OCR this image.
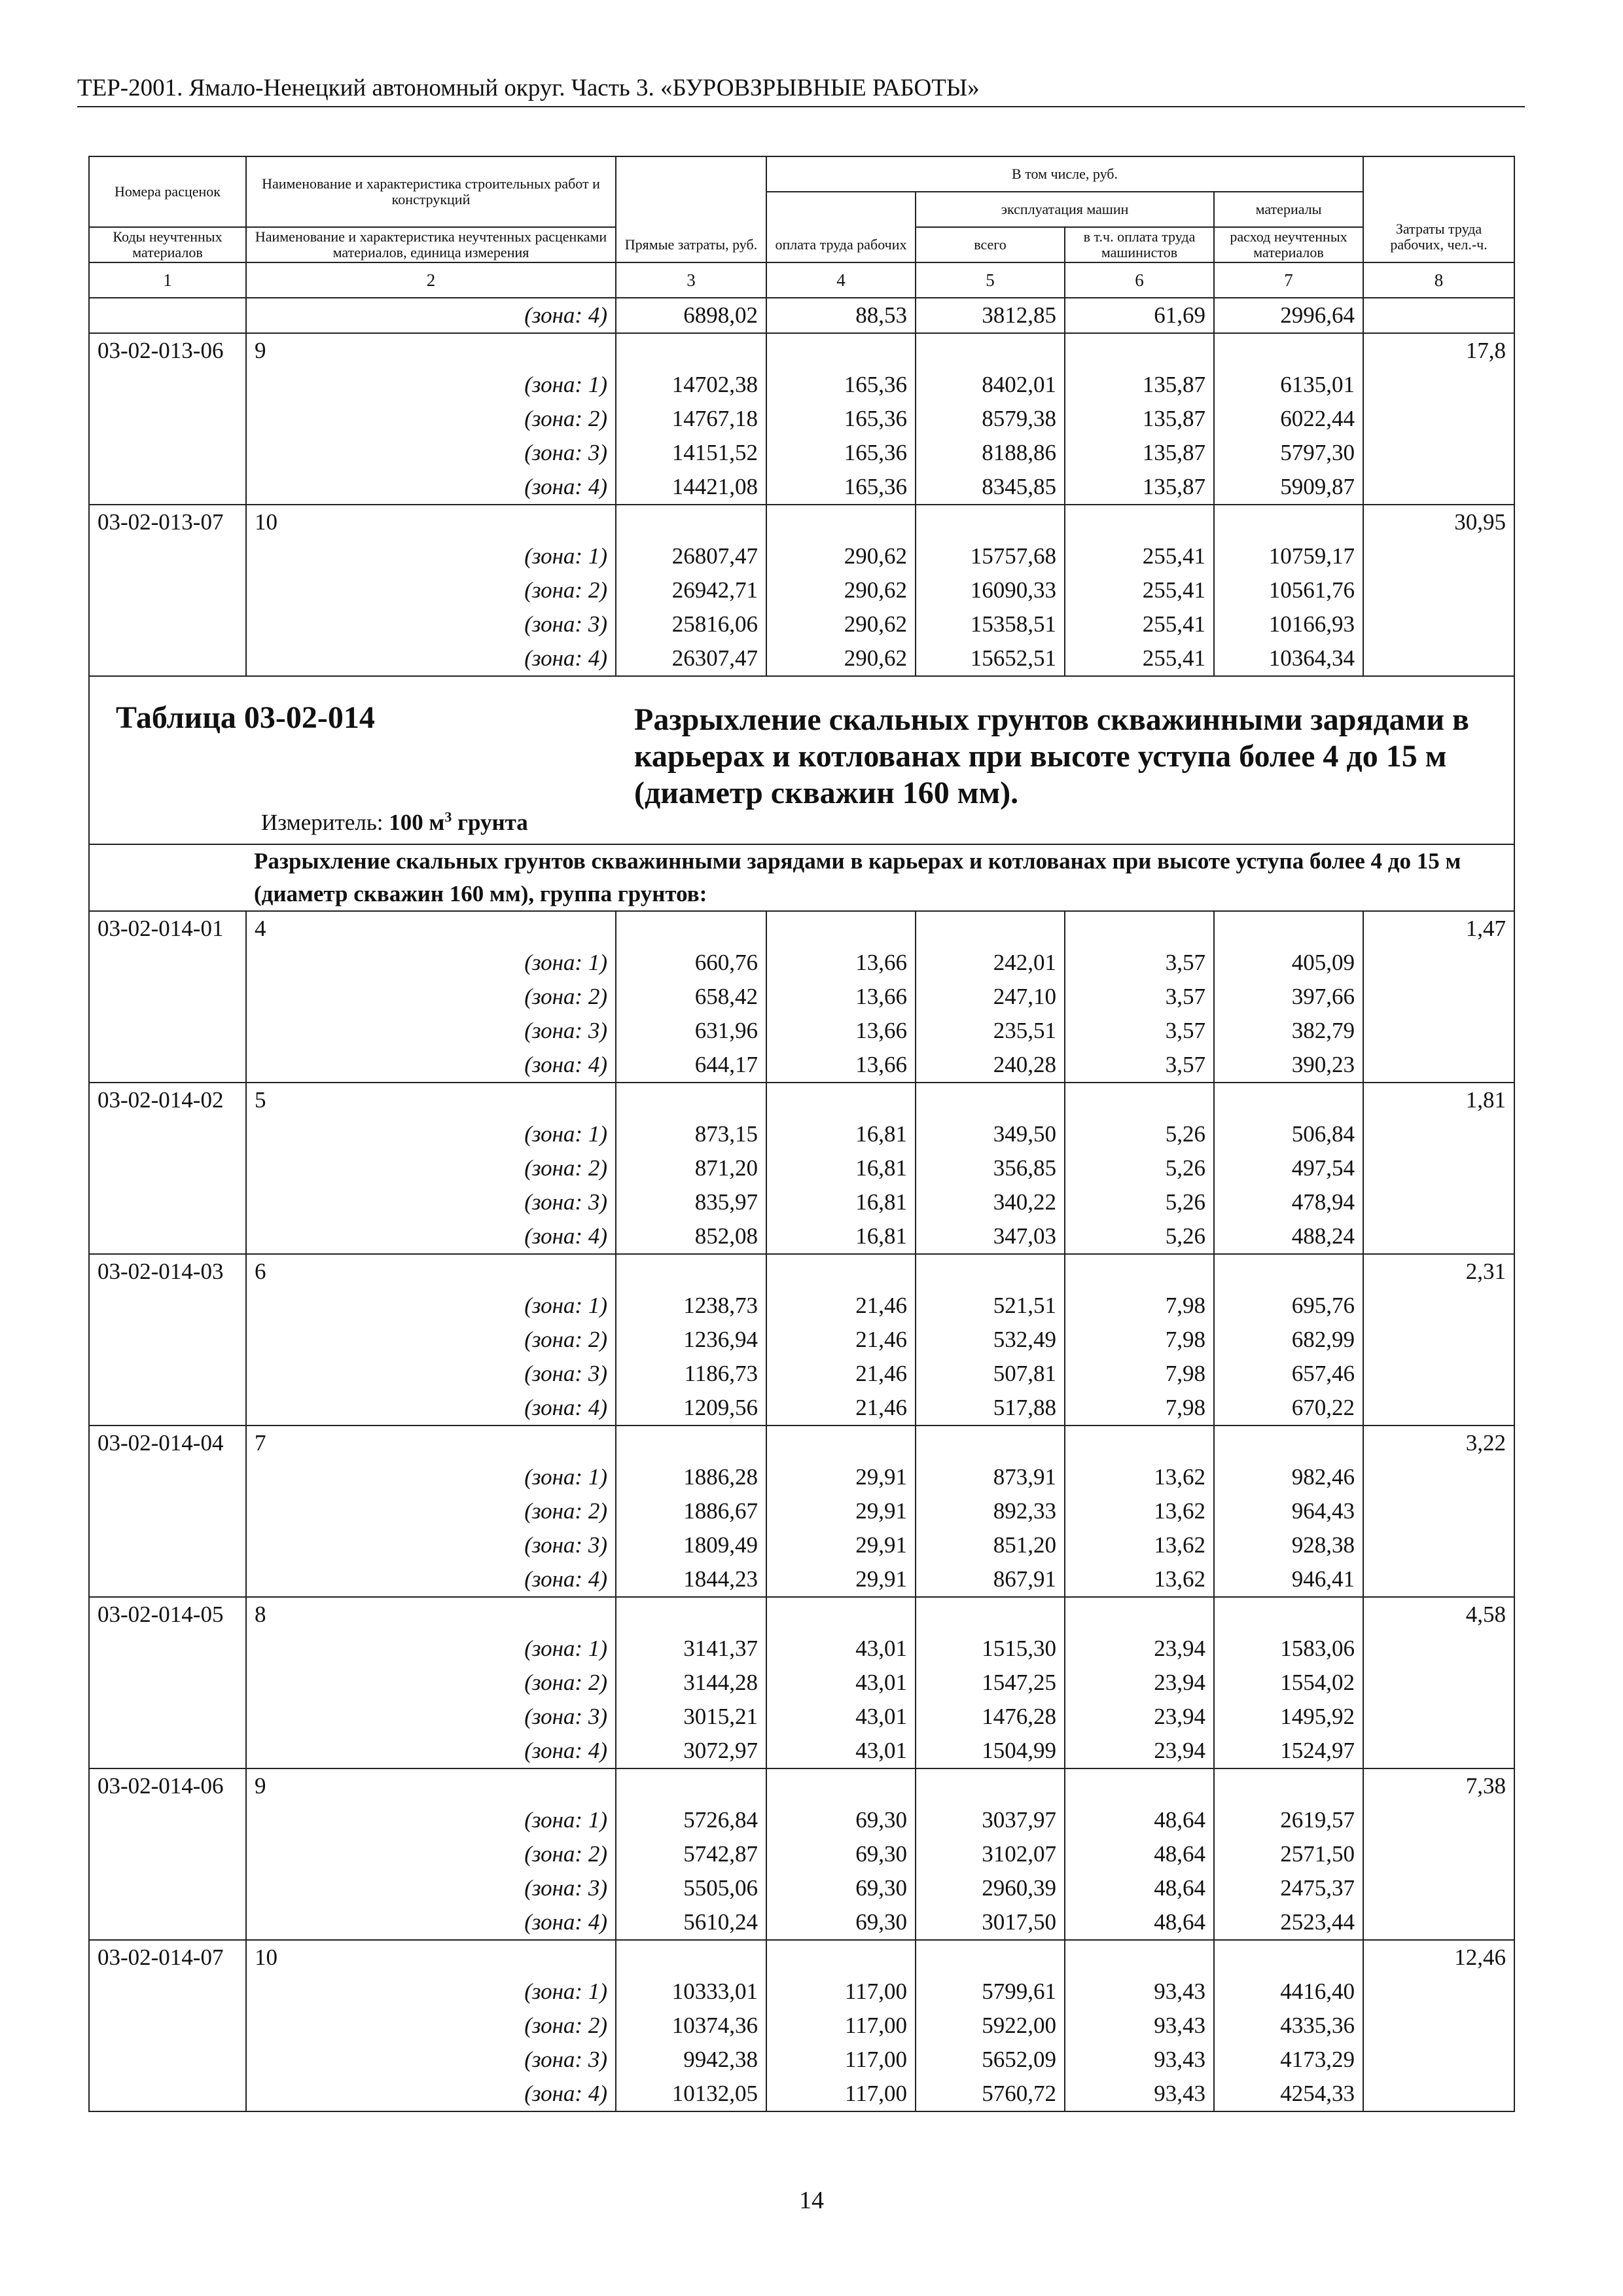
ТЕР-2001. Ямало-Ненецкий автономный округ. Часть 3. «БУРОВЗРЫВНЫЕ РАБОТЫ»
Номера расценок	Наименование и характеристика строительных работ и конструкций	Прямые затраты, руб.	В том числе, руб.				Затраты труда рабочих, чел.-ч.
			оплата труда рабочих	эксплуатация машин		материалы	
Коды неучтенных материалов	Наименование и характеристика неучтенных расценками материалов, единица измерения			всего	в т.ч. оплата труда машинистов	расход неучтенных материалов	
1	2	3	4	5	6	7	8
	(зона: 4)	6898,02	88,53	3812,85	61,69	2996,64	
03-02-013-06	9						17,8
	(зона: 1)	14702,38	165,36	8402,01	135,87	6135,01	
	(зона: 2)	14767,18	165,36	8579,38	135,87	6022,44	
	(зона: 3)	14151,52	165,36	8188,86	135,87	5797,30	
	(зона: 4)	14421,08	165,36	8345,85	135,87	5909,87	
03-02-013-07	10						30,95
	(зона: 1)	26807,47	290,62	15757,68	255,41	10759,17	
	(зона: 2)	26942,71	290,62	16090,33	255,41	10561,76	
	(зона: 3)	25816,06	290,62	15358,51	255,41	10166,93	
	(зона: 4)	26307,47	290,62	15652,51	255,41	10364,34	

Таблица 03-02-014 Разрыхление скальных грунтов скважинными зарядами в карьерах и котлованах при высоте уступа более 4 до 15 м (диаметр скважин 160 мм).
Измеритель: 100 $м^3$ грунта							

	Разрыхление скальных грунтов скважинными зарядами в карьерах и котлованах при высоте уступа более 4 до 15 м (диаметр скважин 160 мм), группа грунтов:						
03-02-014-01	4						1,47
	(зона: 1)	660,76	13,66	242,01	3,57	405,09	
	(зона: 2)	658,42	13,66	247,10	3,57	397,66	
	(зона: 3)	631,96	13,66	235,51	3,57	382,79	
	(зона: 4)	644,17	13,66	240,28	3,57	390,23	
03-02-014-02	5						1,81
	(зона: 1)	873,15	16,81	349,50	5,26	506,84	
	(зона: 2)	871,20	16,81	356,85	5,26	497,54	
	(зона: 3)	835,97	16,81	340,22	5,26	478,94	
	(зона: 4)	852,08	16,81	347,03	5,26	488,24	
03-02-014-03	6						2,31
	(зона: 1)	1238,73	21,46	521,51	7,98	695,76	
	(зона: 2)	1236,94	21,46	532,49	7,98	682,99	
	(зона: 3)	1186,73	21,46	507,81	7,98	657,46	
	(зона: 4)	1209,56	21,46	517,88	7,98	670,22	
03-02-014-04	7						3,22
	(зона: 1)	1886,28	29,91	873,91	13,62	982,46	
	(зона: 2)	1886,67	29,91	892,33	13,62	964,43	
	(зона: 3)	1809,49	29,91	851,20	13,62	928,38	
	(зона: 4)	1844,23	29,91	867,91	13,62	946,41	
03-02-014-05	8						4,58
	(зона: 1)	3141,37	43,01	1515,30	23,94	1583,06	
	(зона: 2)	3144,28	43,01	1547,25	23,94	1554,02	
	(зона: 3)	3015,21	43,01	1476,28	23,94	1495,92	
	(зона: 4)	3072,97	43,01	1504,99	23,94	1524,97	
03-02-014-06	9						7,38
	(зона: 1)	5726,84	69,30	3037,97	48,64	2619,57	
	(зона: 2)	5742,87	69,30	3102,07	48,64	2571,50	
	(зона: 3)	5505,06	69,30	2960,39	48,64	2475,37	
	(зона: 4)	5610,24	69,30	3017,50	48,64	2523,44	
03-02-014-07	10						12,46
	(зона: 1)	10333,01	117,00	5799,61	93,43	4416,40	
	(зона: 2)	10374,36	117,00	5922,00	93,43	4335,36	
	(зона: 3)	9942,38	117,00	5652,09	93,43	4173,29	
	(зона: 4)	10132,05	117,00	5760,72	93,43	4254,33	
14
